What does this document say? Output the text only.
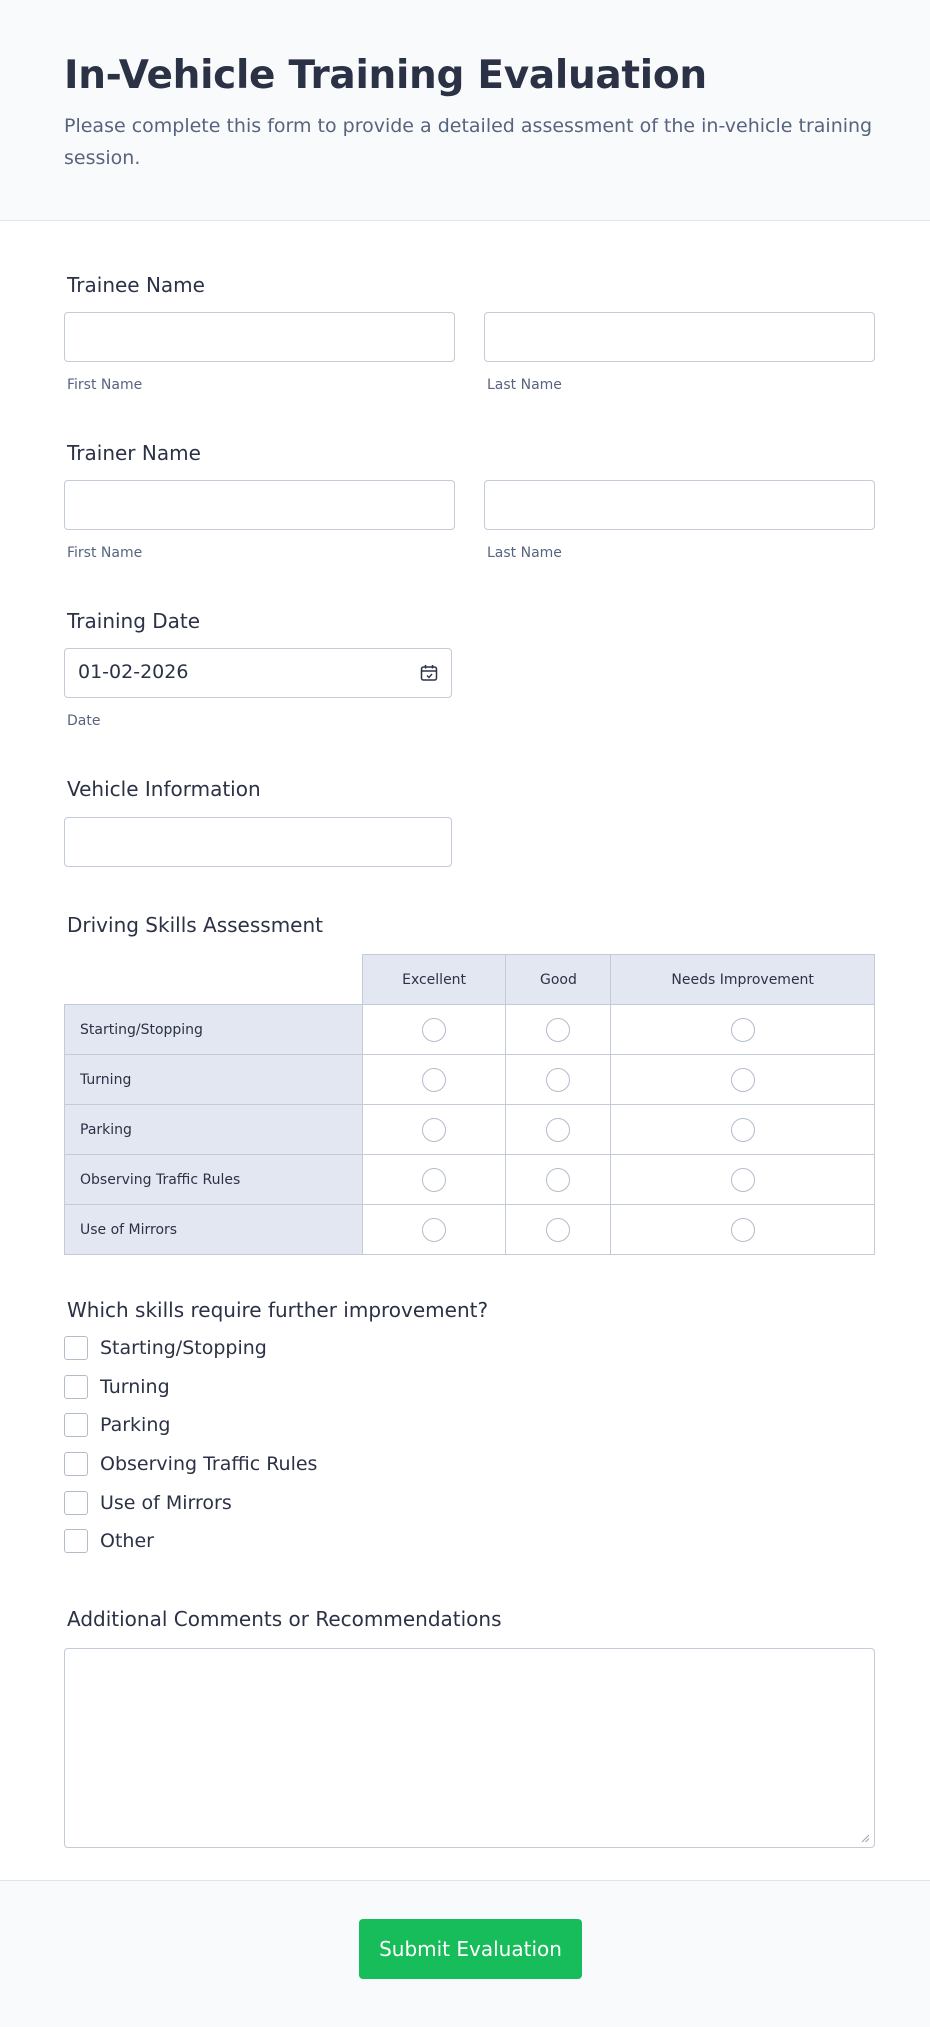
In-Vehicle Training Evaluation

Please complete this form to provide a detailed assessment of the in-vehicle training session.

Trainee Name
First Name	Last Name
Trainer Name
First Name	Last Name
Training Date
01-02-2026
Date
Vehicle Information
Driving Skills Assessment
	Excellent	Good	Needs Improvement
Starting/Stopping	

Turning	

Parking	

Observing Traffic Rules	

Use of Mirrors	

Which skills require further improvement?
Starting/Stopping
Turning
Parking
Observing Traffic Rules
Use of Mirrors
Other
Additional Comments or Recommendations
Submit Evaluation
